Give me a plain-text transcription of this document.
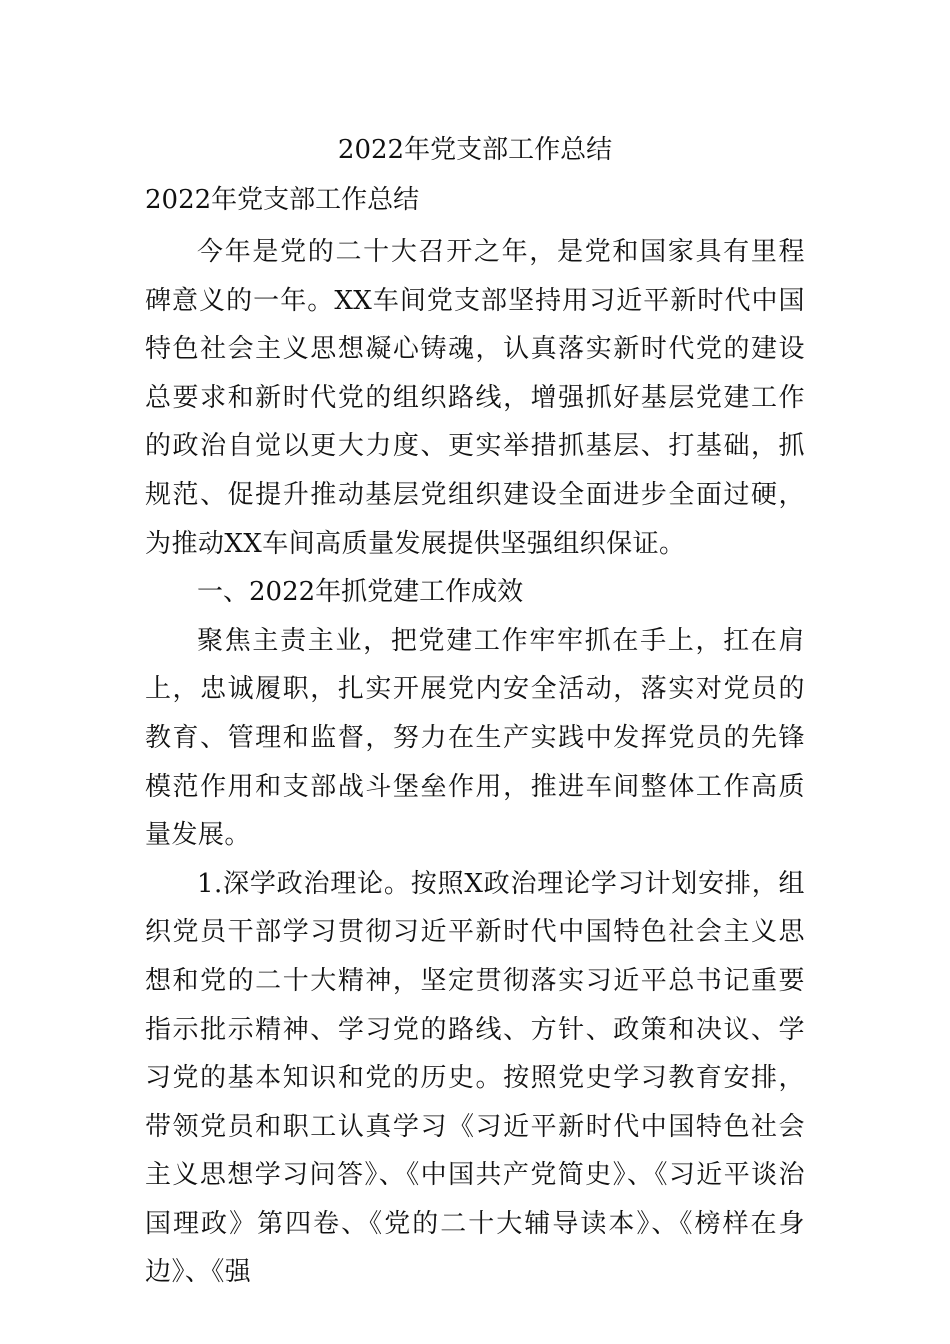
2022年党支部工作总结
2022年党支部工作总结

今年是党的二十大召开之年，是党和国家具有里程碑意义的一年。XX车间党支部坚持用习近平新时代中国特色社会主义思想凝心铸魂，认真落实新时代党的建设总要求和新时代党的组织路线，增强抓好基层党建工作的政治自觉以更大力度、更实举措抓基层、打基础，抓规范、促提升推动基层党组织建设全面进步全面过硬，为推动XX车间高质量发展提供坚强组织保证。

一、2022年抓党建工作成效

聚焦主责主业，把党建工作牢牢抓在手上，扛在肩上，忠诚履职，扎实开展党内安全活动，落实对党员的教育、管理和监督，努力在生产实践中发挥党员的先锋模范作用和支部战斗堡垒作用，推进车间整体工作高质量发展。

1.深学政治理论。按照X政治理论学习计划安排，组织党员干部学习贯彻习近平新时代中国特色社会主义思想和党的二十大精神，坚定贯彻落实习近平总书记重要指示批示精神、学习党的路线、方针、政策和决议、学习党的基本知识和党的历史。按照党史学习教育安排，带领党员和职工认真学习《习近平新时代中国特色社会主义思想学习问答》、《中国共产党简史》、《习近平谈治国理政》第四卷、《党的二十大辅导读本》、《榜样在身边》、《强
